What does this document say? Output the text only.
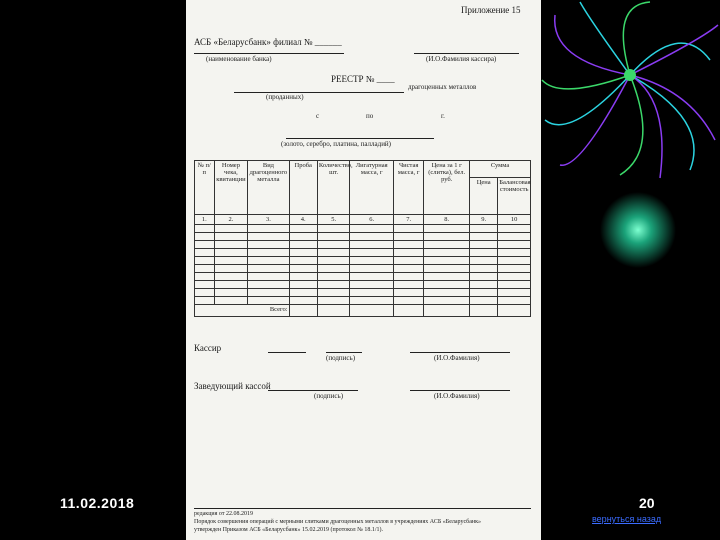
Приложение 15
АСБ «Беларусбанк» филиал № ______
(наименование банка)	(И.О.Фамилия кассира)
РЕЕСТР № ____
драгоценных металлов
(проданных)
с	по	г.
(золото, серебро, платина, палладий)
№ п/п	Номер чека, квитанции	Вид драгоценного металла	Проба	Количество, шт.	Лигатурная масса, г	Чистая масса, г	Цена за 1 г (слитка), бел. руб.	Сумма	
								Цена	Балансовая стоимость
1.	2.	3.	4.	5.	6.	7.	8.	9.	10

Всего:									
Кассир
(подпись)	(И.О.Фамилия)
Заведующий кассой
(подпись)	(И.О.Фамилия)
редакция от 22.08.2019
Порядок совершения операций с мерными слитками драгоценных металлов в учреждениях АСБ «Беларусбанк»
утвержден Приказом АСБ «Беларусбанк» 15.02.2019 (протокол № 18.1/1).
11.02.2018	20
вернуться назад
